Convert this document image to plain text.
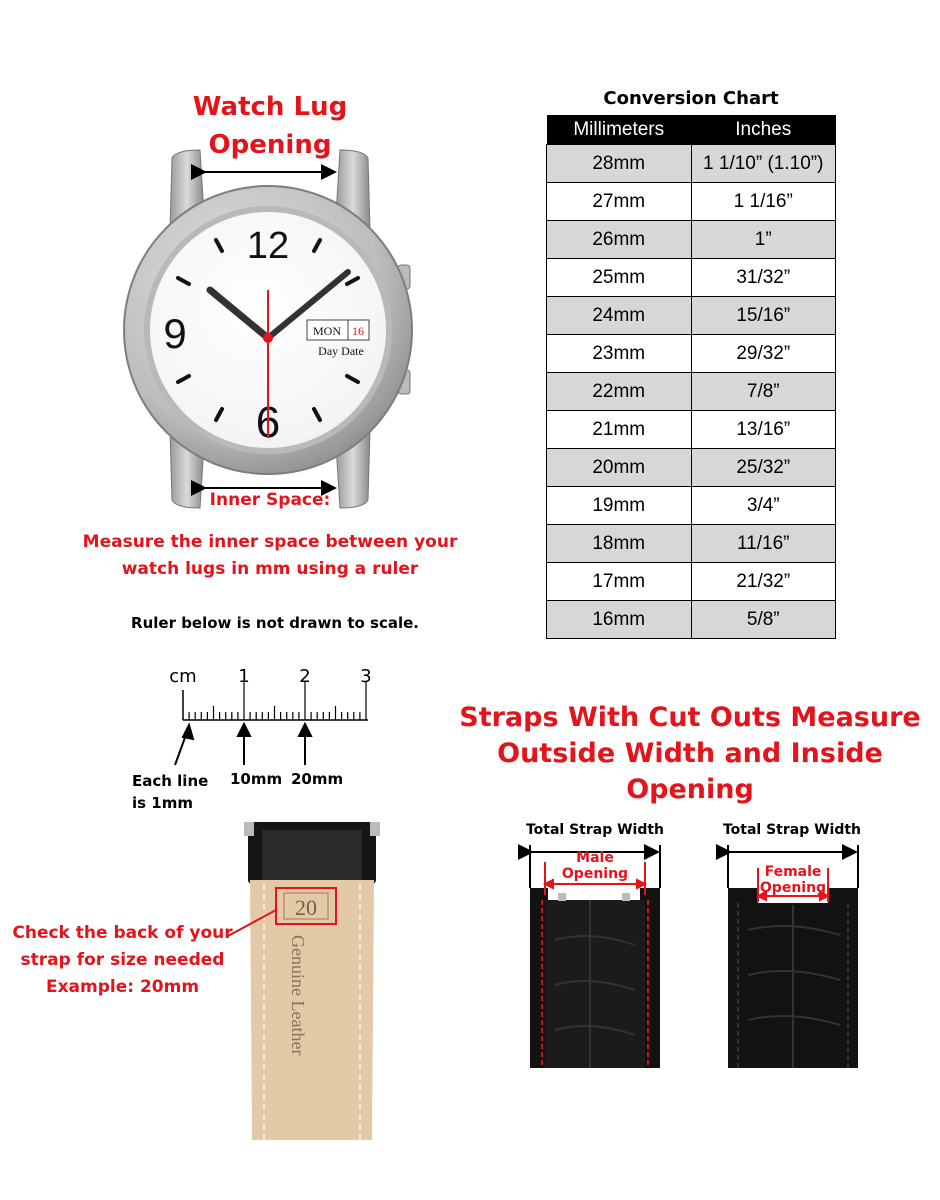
Watch Lug Opening
12
9
6
MON 16
Day Date
cm 1	2	3
20
Genuine Leather
Inner Space:
Measure the inner space between your watch lugs in mm using a ruler
Ruler below is not drawn to scale.
Each line is 1mm
10mm 20mm
Conversion Chart
Millimeters	Inches
28mm	1 1/10” (1.10”)
27mm	1 1/16”
26mm	1”
25mm	31/32”
24mm	15/16”
23mm	29/32”
22mm	7/8”
21mm	13/16”
20mm	25/32”
19mm	3/4”
18mm	11/16”
17mm	21/32”
16mm	5/8”
Check the back of your strap for size needed Example: 20mm
Straps With Cut Outs Measure Outside Width and Inside Opening
Total Strap Width	Total Strap Width
Male Opening	Female Opening
